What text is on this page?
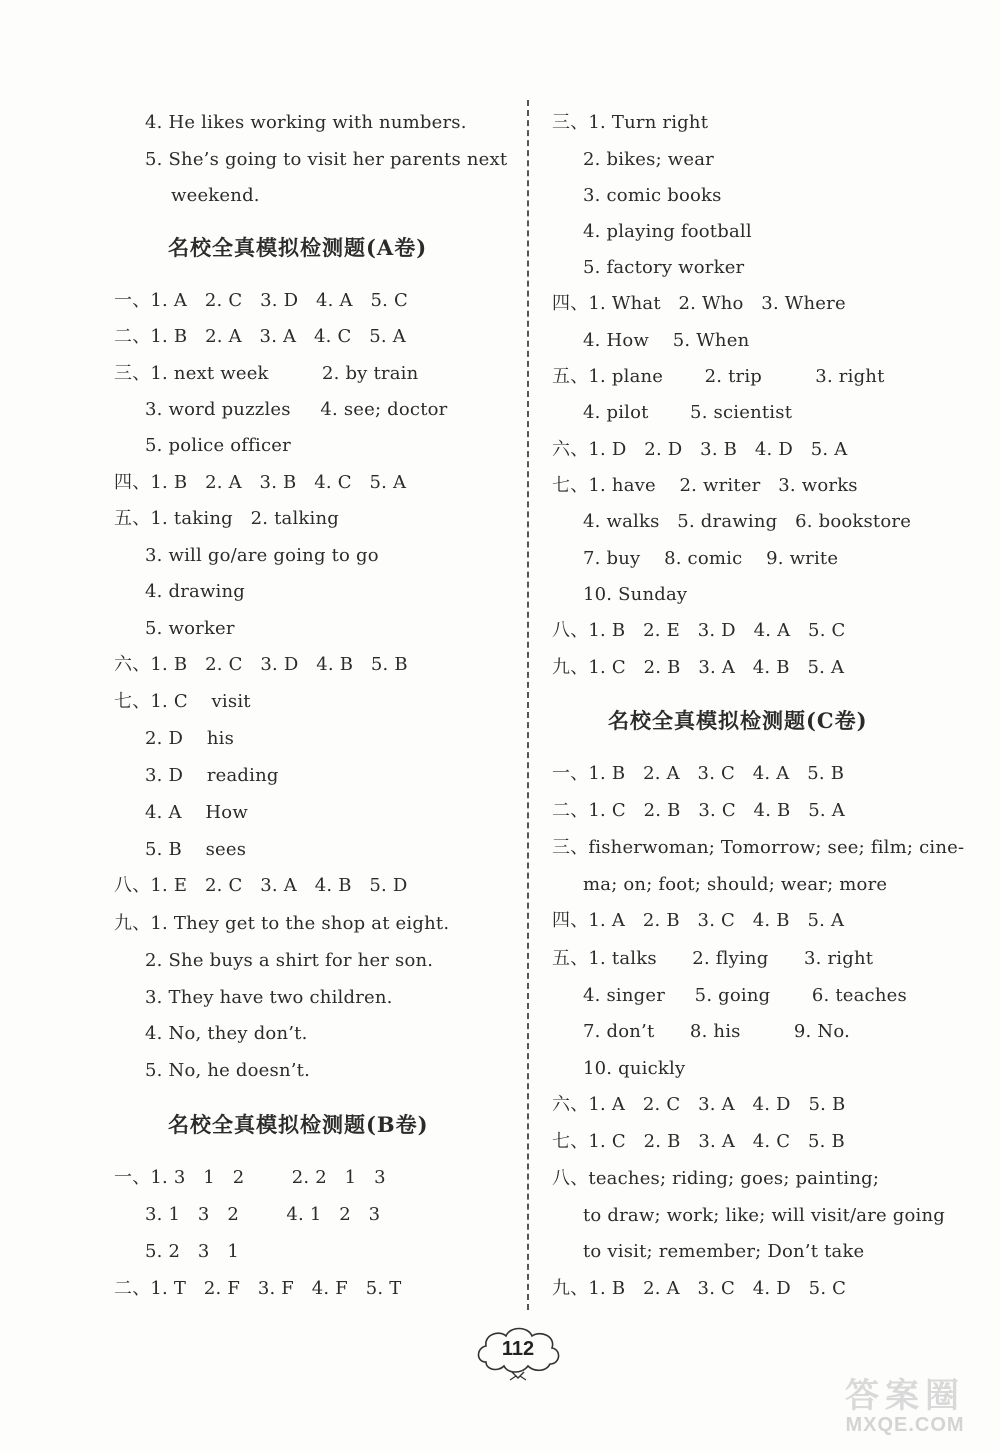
4. He likes working with numbers.
5. She’s going to visit her parents next
weekend.
名校全真模拟检测题(A卷)
一、1. A   2. C   3. D   4. A   5. C
二、1. B   2. A   3. A   4. C   5. A
三、1. next week         2. by train
3. word puzzles     4. see; doctor
5. police officer
四、1. B   2. A   3. B   4. C   5. A
五、1. taking   2. talking
3. will go/are going to go
4. drawing
5. worker
六、1. B   2. C   3. D   4. B   5. B
七、1. C    visit
2. D    his
3. D    reading
4. A    How
5. B    sees
八、1. E   2. C   3. A   4. B   5. D
九、1. They get to the shop at eight.
2. She buys a shirt for her son.
3. They have two children.
4. No, they don’t.
5. No, he doesn’t.
名校全真模拟检测题(B卷)
一、1. 3   1   2        2. 2   1   3
3. 1   3   2        4. 1   2   3
5. 2   3   1
二、1. T   2. F   3. F   4. F   5. T
三、1. Turn right
2. bikes; wear
3. comic books
4. playing football
5. factory worker
四、1. What   2. Who   3. Where
4. How    5. When
五、1. plane       2. trip         3. right
4. pilot       5. scientist
六、1. D   2. D   3. B   4. D   5. A
七、1. have    2. writer   3. works
4. walks   5. drawing   6. bookstore
7. buy    8. comic    9. write
10. Sunday
八、1. B   2. E   3. D   4. A   5. C
九、1. C   2. B   3. A   4. B   5. A
名校全真模拟检测题(C卷)
一、1. B   2. A   3. C   4. A   5. B
二、1. C   2. B   3. C   4. B   5. A
三、fisherwoman; Tomorrow; see; film; cine-
ma; on; foot; should; wear; more
四、1. A   2. B   3. C   4. B   5. A
五、1. talks      2. flying      3. right
4. singer     5. going       6. teaches
7. don’t      8. his         9. No.
10. quickly
六、1. A   2. C   3. A   4. D   5. B
七、1. C   2. B   3. A   4. C   5. B
八、teaches; riding; goes; painting;
to draw; work; like; will visit/are going
to visit; remember; Don’t take
九、1. B   2. A   3. C   4. D   5. C
112
答案圈
MXQE.COM
